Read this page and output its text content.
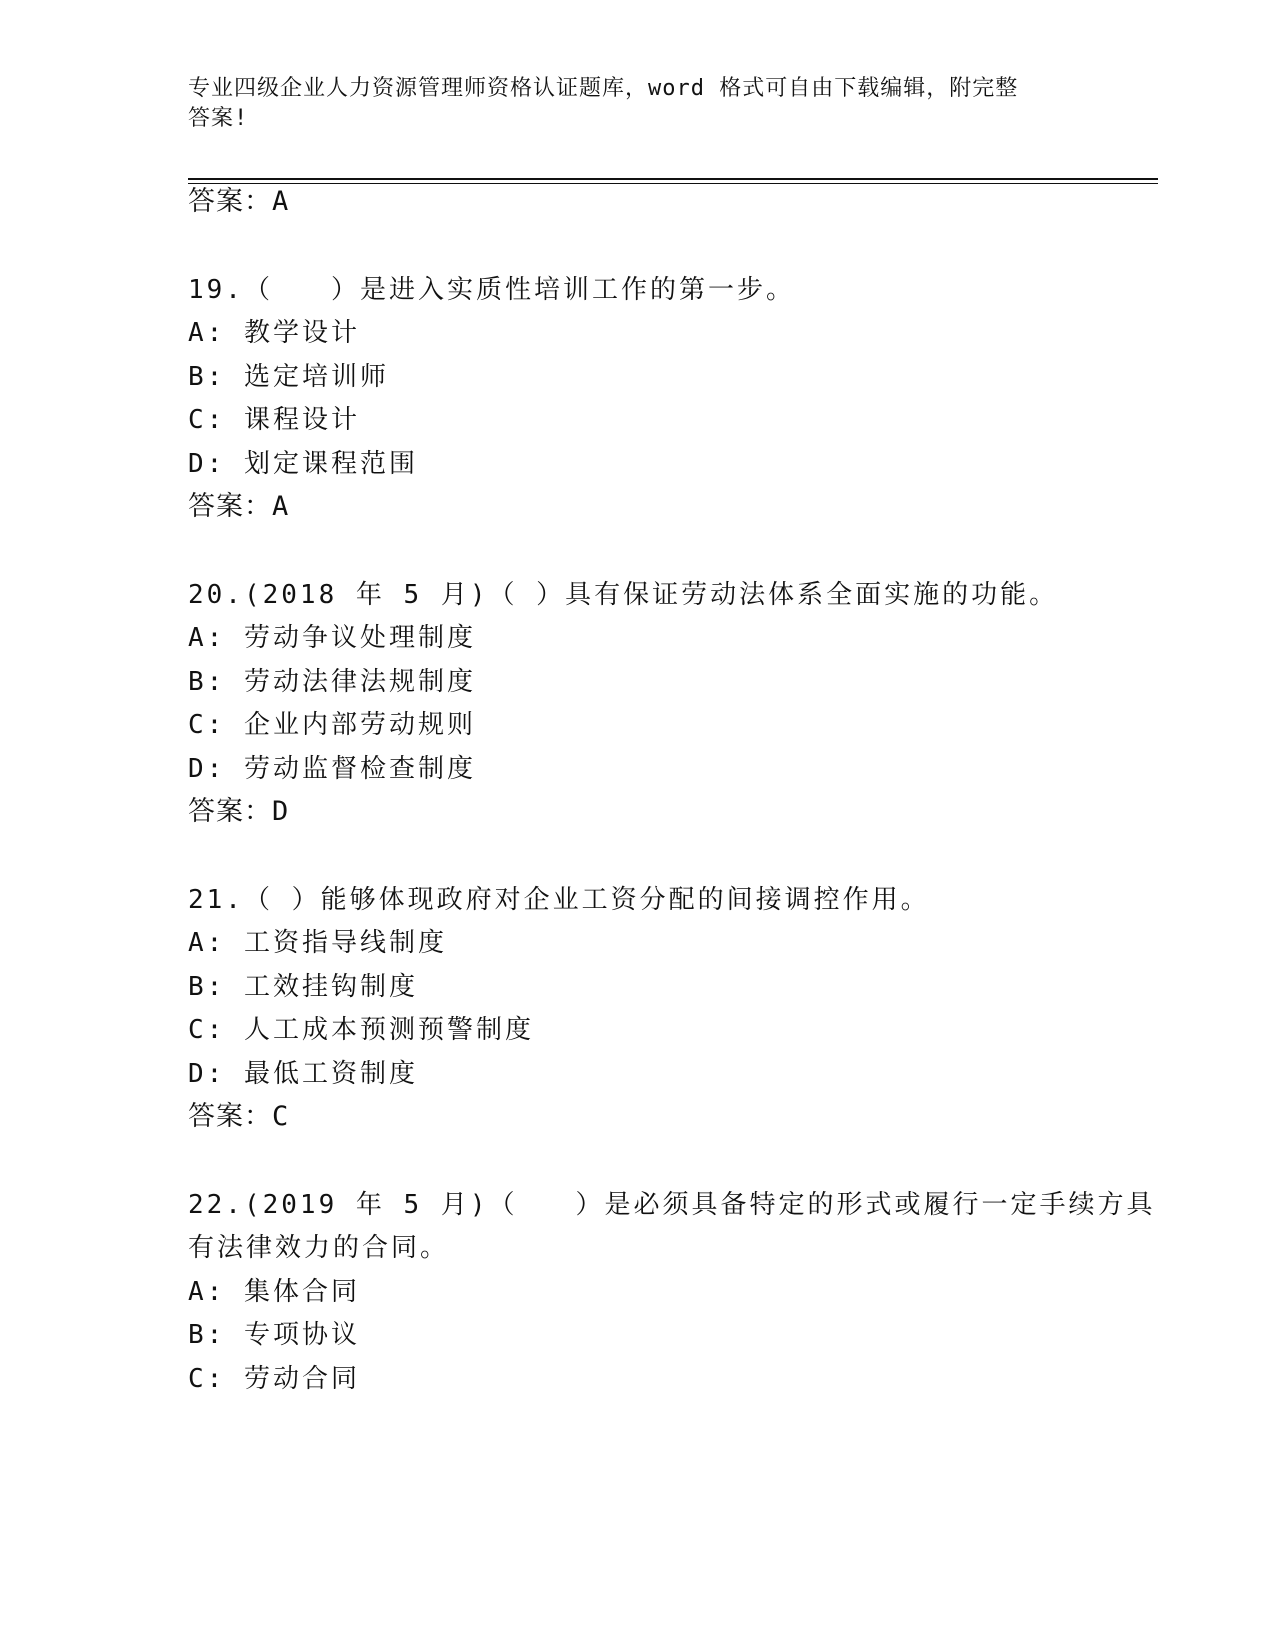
专业四级企业人力资源管理师资格认证题库，word 格式可自由下载编辑，附完整
答案!
答案：A
19.（　　）是进入实质性培训工作的第一步。
A: 教学设计
B: 选定培训师
C: 课程设计
D: 划定课程范围
答案：A
20.(2018 年 5 月)（ ）具有保证劳动法体系全面实施的功能。
A: 劳动争议处理制度
B: 劳动法律法规制度
C: 企业内部劳动规则
D: 劳动监督检查制度
答案：D
21.（ ）能够体现政府对企业工资分配的间接调控作用。
A: 工资指导线制度
B: 工效挂钩制度
C: 人工成本预测预警制度
D: 最低工资制度
答案：C
22.(2019 年 5 月)（　　）是必须具备特定的形式或履行一定手续方具
有法律效力的合同。
A: 集体合同
B: 专项协议
C: 劳动合同
